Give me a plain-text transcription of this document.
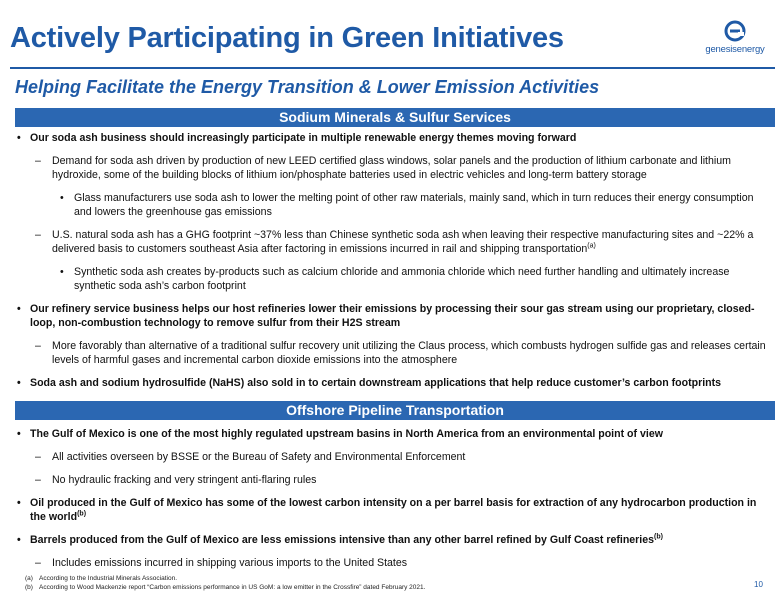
Actively Participating in Green Initiatives	genesisenergy
Helping Facilitate the Energy Transition & Lower Emission Activities
Sodium Minerals & Sulfur Services

• Our soda ash business should increasingly participate in multiple renewable energy themes moving forward

– Demand for soda ash driven by production of new LEED certified glass windows, solar panels and the production of lithium carbonate and lithium hydroxide, some of the building blocks of lithium ion/phosphate batteries used in electric vehicles and long-term battery storage

• Glass manufacturers use soda ash to lower the melting point of other raw materials, mainly sand, which in turn reduces their energy consumption and lowers the greenhouse gas emissions

– U.S. natural soda ash has a GHG footprint ~37% less than Chinese synthetic soda ash when leaving their respective manufacturing sites and ~22% a delivered basis to customers southeast Asia after factoring in emissions incurred in rail and shipping transportation$^{(a)}$

• Synthetic soda ash creates by-products such as calcium chloride and ammonia chloride which need further handling and ultimately increase synthetic soda ash’s carbon footprint

• Our refinery service business helps our host refineries lower their emissions by processing their sour gas stream using our proprietary, closed-loop, non-combustion technology to remove sulfur from their H2S stream

– More favorably than alternative of a traditional sulfur recovery unit utilizing the Claus process, which combusts hydrogen sulfide gas and releases certain levels of harmful gases and incremental carbon dioxide emissions into the atmosphere

• Soda ash and sodium hydrosulfide (NaHS) also sold in to certain downstream applications that help reduce customer’s carbon footprints

Offshore Pipeline Transportation

• The Gulf of Mexico is one of the most highly regulated upstream basins in North America from an environmental point of view

– All activities overseen by BSSE or the Bureau of Safety and Environmental Enforcement

– No hydraulic fracking and very stringent anti-flaring rules

• Oil produced in the Gulf of Mexico has some of the lowest carbon intensity on a per barrel basis for extraction of any hydrocarbon production in the world$^{(b)}$

• Barrels produced from the Gulf of Mexico are less emissions intensive than any other barrel refined by Gulf Coast refineries$^{(b)}$

– Includes emissions incurred in shipping various imports to the United States

(a) According to the Industrial Minerals Association.
(b) According to Wood Mackenzie report “Carbon emissions performance in US GoM: a low emitter in the Crossfire” dated February 2021.	10
